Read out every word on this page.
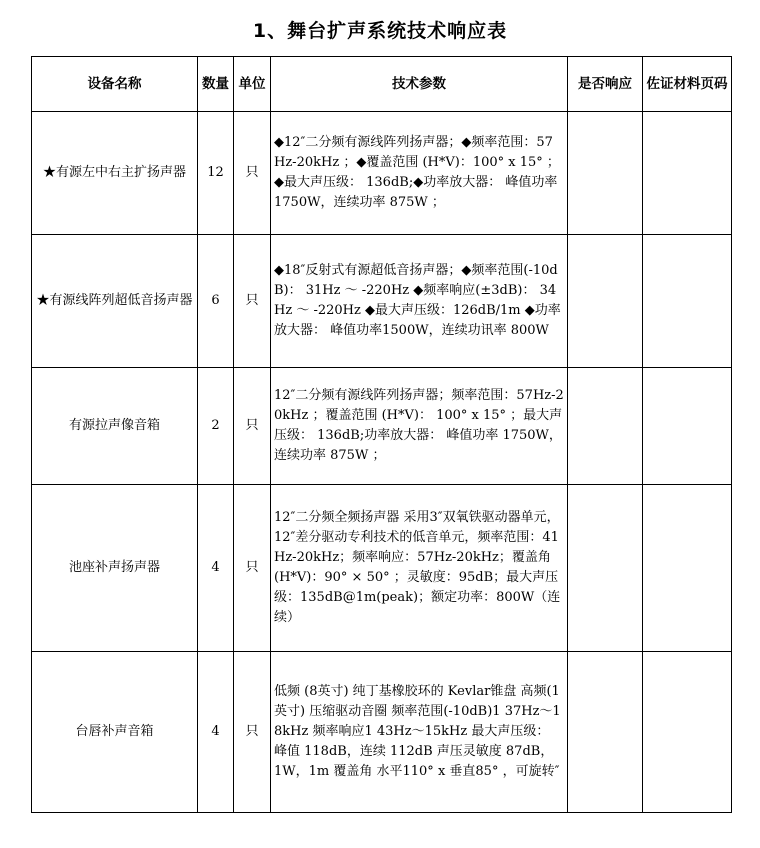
1、舞台扩声系统技术响应表
设备名称	数量	单位	技术参数	是否响应	佐证材料页码
★有源左中右主扩扬声器	12	只	◆12″二分频有源线阵列扬声器；◆频率范围：57Hz-20kHz ；◆覆盖范围 (H*V)：100° x 15° ；◆最大声压级： 136dB;◆功率放大器： 峰值功率 1750W，连续功率 875W ；		
★有源线阵列超低音扬声器	6	只	◆18″反射式有源超低音扬声器；◆频率范围(-10dB)： 31Hz ～ -220Hz ◆频率响应(±3dB)： 34 Hz ～ -220Hz ◆最大声压级：126dB/1m ◆功率放大器： 峰值功率1500W，连续功讯率 800W		
有源拉声像音箱	2	只	12″二分频有源线阵列扬声器；频率范围：57Hz-20kHz ；覆盖范围 (H*V)： 100° x 15° ；最大声压级： 136dB;功率放大器： 峰值功率 1750W，连续功率 875W ；		
池座补声扬声器	4	只	12″二分频全频扬声器 采用3″双氧铁驱动器单元，12″差分驱动专利技术的低音单元，频率范围：41Hz-20kHz；频率响应：57Hz-20kHz；覆盖角 (H*V)：90° × 50° ；灵敏度：95dB；最大声压级：135dB@1m(peak)；额定功率：800W（连续）		
台唇补声音箱	4	只	低频 (8英寸) 纯丁基橡胶环的 Kevlar锥盘 高频(1 英寸) 压缩驱动音圈 频率范围(-10dB)1 37Hz～18kHz 频率响应1 43Hz～15kHz 最大声压级： 峰值 118dB，连续 112dB 声压灵敏度 87dB， 1W，1m 覆盖角 水平110° x 垂直85° ，可旋转″		
